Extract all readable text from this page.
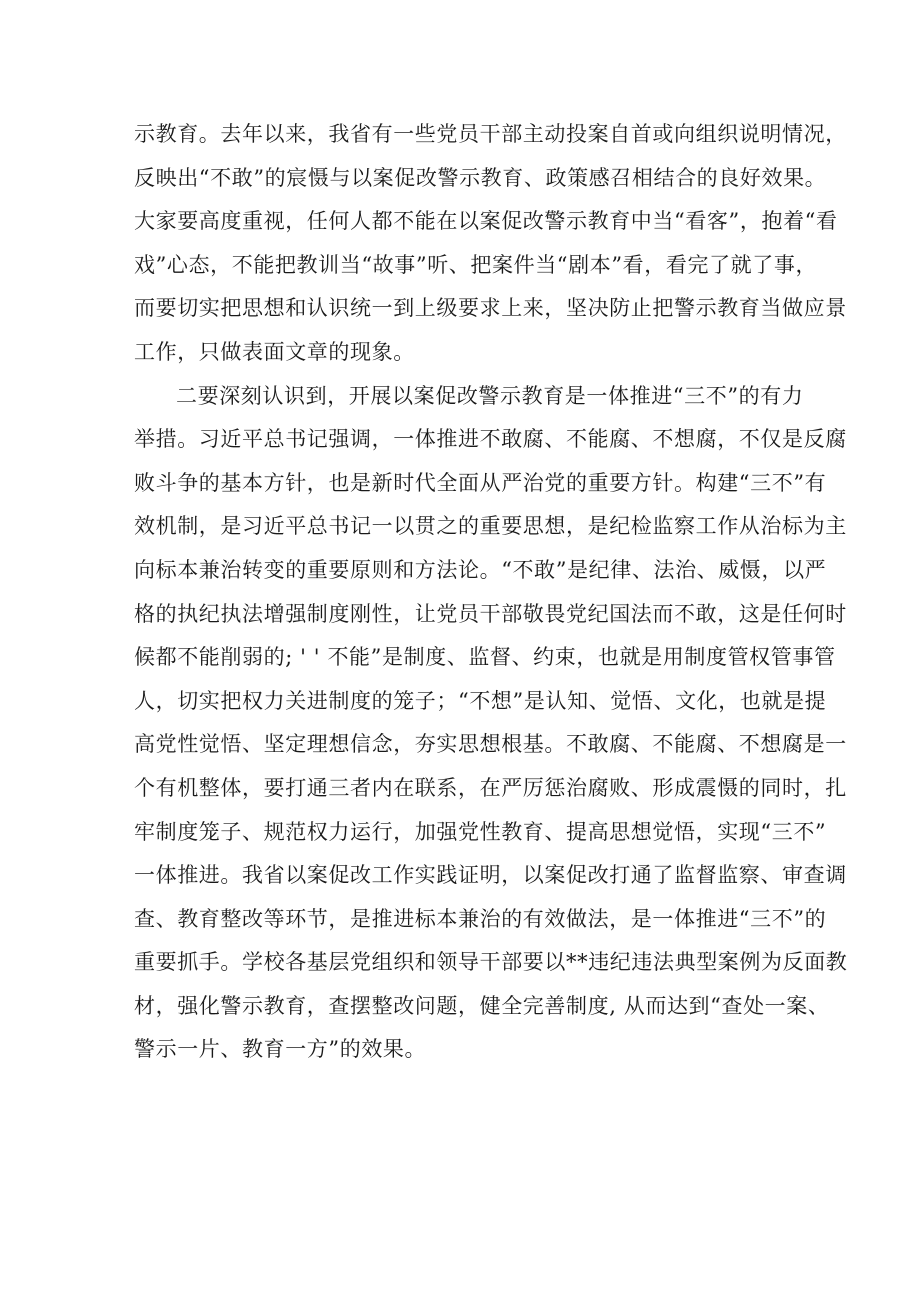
示教育。去年以来，我省有一些党员干部主动投案自首或向组织说明情况，
反映出“不敢”的宸慑与以案促改警示教育、政策感召相结合的良好效果。
大家要高度重视，任何人都不能在以案促改警示教育中当“看客”，抱着“看
戏”心态，不能把教训当“故事”听、把案件当“剧本”看，看完了就了事，
而要切实把思想和认识统一到上级要求上来，坚决防止把警示教育当做应景
工作，只做表面文章的现象。

二要深刻认识到，开展以案促改警示教育是一体推进“三不”的有力
举措。习近平总书记强调，一体推进不敢腐、不能腐、不想腐，不仅是反腐
败斗争的基本方针，也是新时代全面从严治党的重要方针。构建“三不”有
效机制，是习近平总书记一以贯之的重要思想，是纪检监察工作从治标为主
向标本兼治转变的重要原则和方法论。“不敢”是纪律、法治、威慑，以严
格的执纪执法增强制度刚性，让党员干部敬畏党纪国法而不敢，这是任何时
候都不能削弱的; ' ' 不能”是制度、监督、约束，也就是用制度管权管事管
人，切实把权力关进制度的笼子；“不想”是认知、觉悟、文化，也就是提
高党性觉悟、坚定理想信念，夯实思想根基。不敢腐、不能腐、不想腐是一
个有机整体，要打通三者内在联系，在严厉惩治腐败、形成震慑的同时，扎
牢制度笼子、规范权力运行，加强党性教育、提高思想觉悟，实现“三不”
一体推进。我省以案促改工作实践证明，以案促改打通了监督监察、审查调
查、教育整改等环节，是推进标本兼治的有效做法，是一体推进“三不”的
重要抓手。学校各基层党组织和领导干部要以**违纪违法典型案例为反面教
材，强化警示教育，查摆整改问题，健全完善制度, 从而达到“查处一案、
警示一片、教育一方”的效果。
